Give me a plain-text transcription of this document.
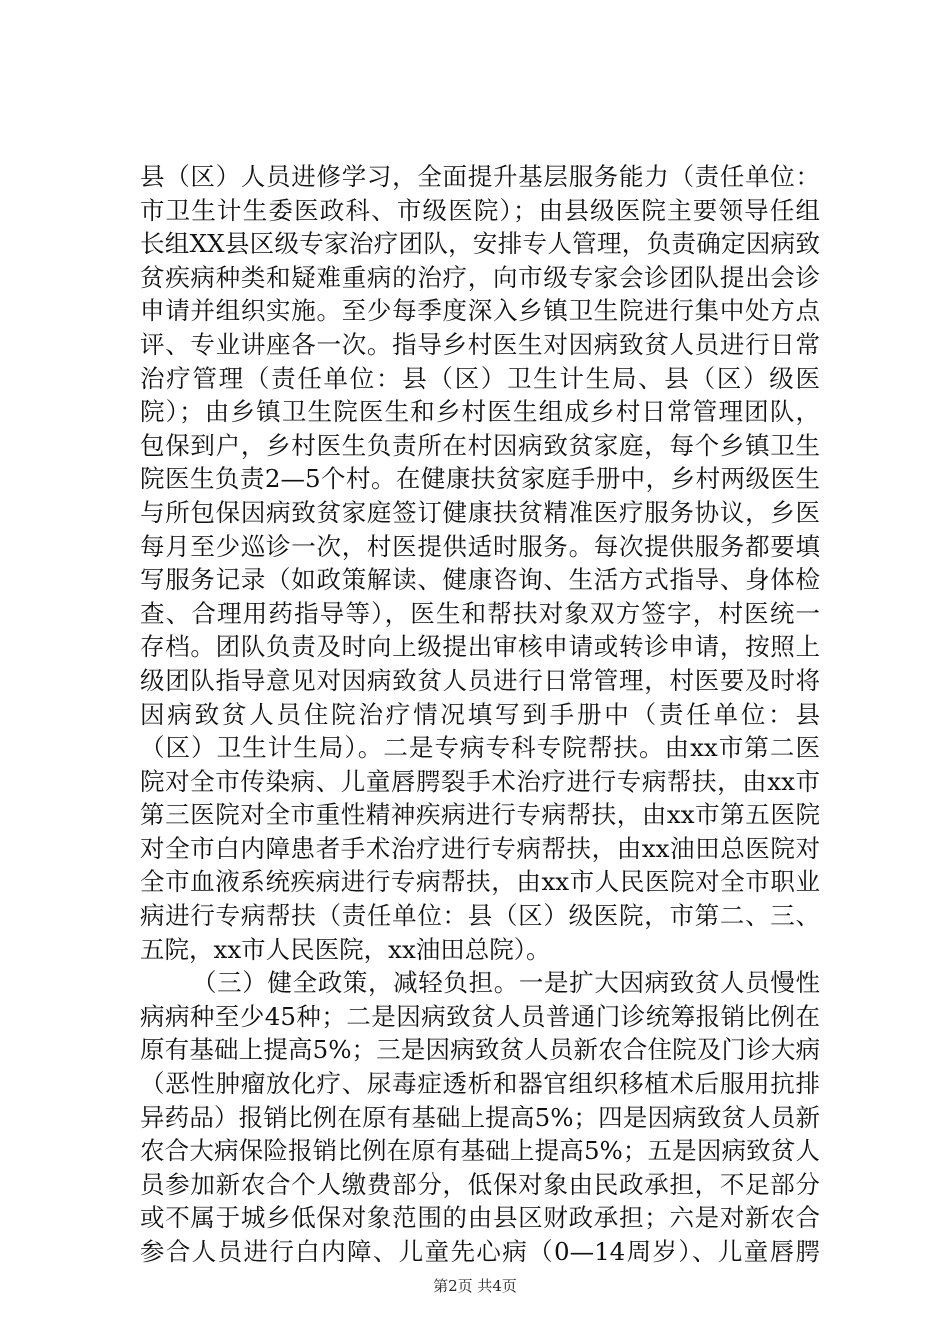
县（区）人员进修学习，全面提升基层服务能力（责任单位：
市卫生计生委医政科、市级医院）；由县级医院主要领导任组
长组XX县区级专家治疗团队，安排专人管理，负责确定因病致
贫疾病种类和疑难重病的治疗，向市级专家会诊团队提出会诊
申请并组织实施。至少每季度深入乡镇卫生院进行集中处方点
评、专业讲座各一次。指导乡村医生对因病致贫人员进行日常
治疗管理（责任单位：县（区）卫生计生局、县（区）级医
院）；由乡镇卫生院医生和乡村医生组成乡村日常管理团队，
包保到户，乡村医生负责所在村因病致贫家庭，每个乡镇卫生
院医生负责2—5个村。在健康扶贫家庭手册中，乡村两级医生
与所包保因病致贫家庭签订健康扶贫精准医疗服务协议，乡医
每月至少巡诊一次，村医提供适时服务。每次提供服务都要填
写服务记录（如政策解读、健康咨询、生活方式指导、身体检
查、合理用药指导等），医生和帮扶对象双方签字，村医统一
存档。团队负责及时向上级提出审核申请或转诊申请，按照上
级团队指导意见对因病致贫人员进行日常管理，村医要及时将
因病致贫人员住院治疗情况填写到手册中（责任单位：县
（区）卫生计生局）。二是专病专科专院帮扶。由xx市第二医
院对全市传染病、儿童唇腭裂手术治疗进行专病帮扶，由xx市
第三医院对全市重性精神疾病进行专病帮扶，由xx市第五医院
对全市白内障患者手术治疗进行专病帮扶，由xx油田总医院对
全市血液系统疾病进行专病帮扶，由xx市人民医院对全市职业
病进行专病帮扶（责任单位：县（区）级医院，市第二、三、
五院，xx市人民医院，xx油田总院）。
（三）健全政策，减轻负担。一是扩大因病致贫人员慢性
病病种至少45种；二是因病致贫人员普通门诊统筹报销比例在
原有基础上提高5%；三是因病致贫人员新农合住院及门诊大病
（恶性肿瘤放化疗、尿毒症透析和器官组织移植术后服用抗排
异药品）报销比例在原有基础上提高5%；四是因病致贫人员新
农合大病保险报销比例在原有基础上提高5%；五是因病致贫人
员参加新农合个人缴费部分，低保对象由民政承担，不足部分
或不属于城乡低保对象范围的由县区财政承担；六是对新农合
参合人员进行白内障、儿童先心病（0—14周岁）、儿童唇腭
第2页 共4页
